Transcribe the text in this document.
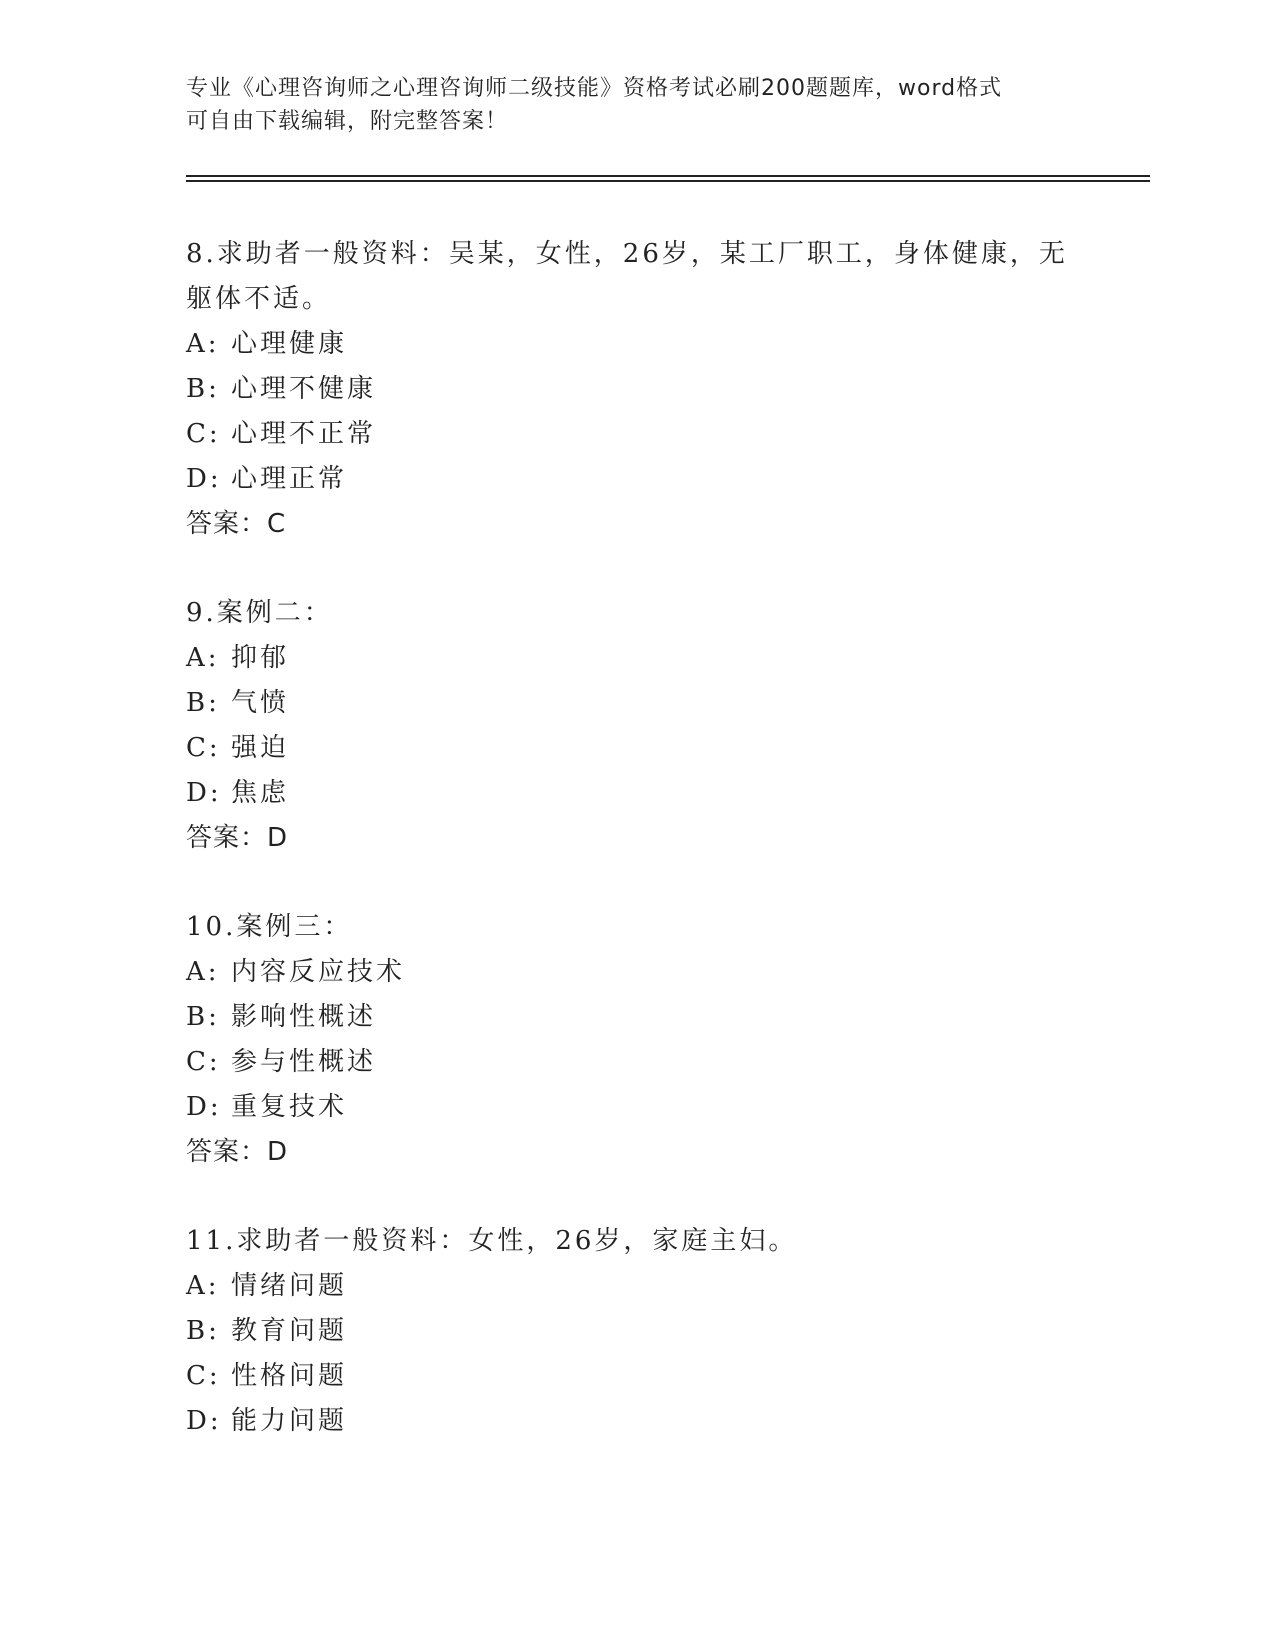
专业《心理咨询师之心理咨询师二级技能》资格考试必刷200题题库，word格式

可自由下载编辑，附完整答案！

8.求助者一般资料：吴某，女性，26岁，某工厂职工，身体健康，无躯体不适。

A: 心理健康

B: 心理不健康

C: 心理不正常

D: 心理正常

答案：C

9.案例二：

A: 抑郁

B: 气愤

C: 强迫

D: 焦虑

答案：D

10.案例三：

A: 内容反应技术

B: 影响性概述

C: 参与性概述

D: 重复技术

答案：D

11.求助者一般资料：女性，26岁，家庭主妇。

A: 情绪问题

B: 教育问题

C: 性格问题

D: 能力问题
